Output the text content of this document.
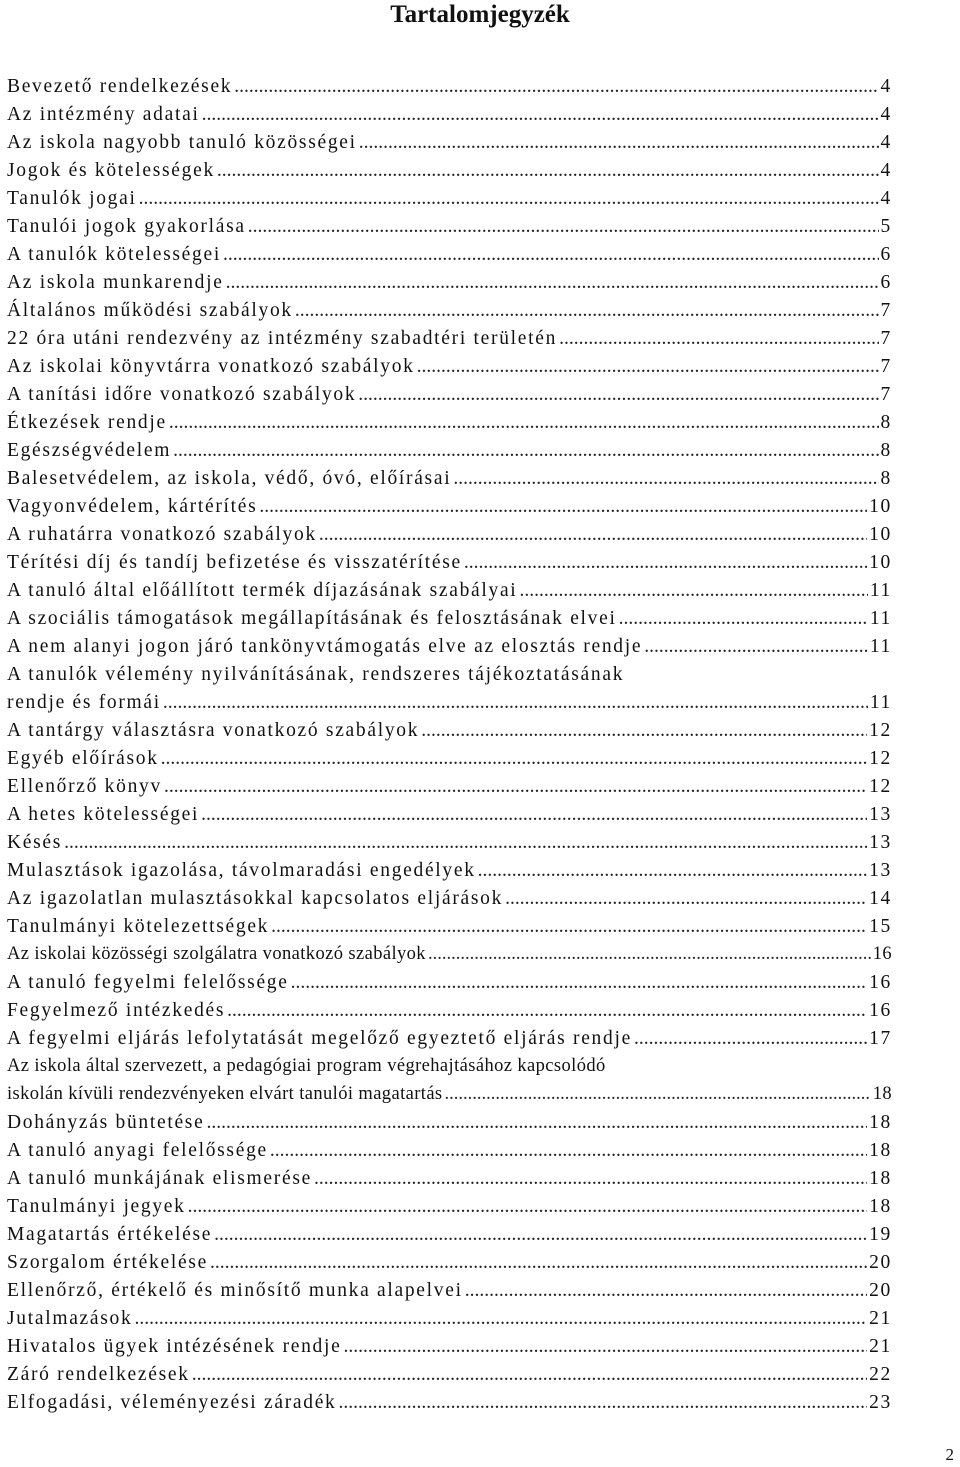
Tartalomjegyzék
Bevezető rendelkezések .....	4
Az intézmény adatai .....	4
Az iskola nagyobb tanuló közösségei .....	4
Jogok és kötelességek .....	4
Tanulók jogai .....	4
Tanulói jogok gyakorlása .....	5
A tanulók kötelességei .....	6
Az iskola munkarendje .....	6
Általános működési szabályok .....	7
22 óra utáni rendezvény az intézmény szabadtéri területén .....	7
Az iskolai könyvtárra vonatkozó szabályok .....	7
A tanítási időre vonatkozó szabályok .....	7
Étkezések rendje .....	8
Egészségvédelem .....	8
Balesetvédelem, az iskola, védő, óvó, előírásai .....	8
Vagyonvédelem, kártérítés .....	10
A ruhatárra vonatkozó szabályok .....	10
Térítési díj és tandíj befizetése és visszatérítése .....	10
A tanuló által előállított termék díjazásának szabályai .....	11
A szociális támogatások megállapításának és felosztásának elvei .....	11
A nem alanyi jogon járó tankönyvtámogatás elve az elosztás rendje .....	11
A tanulók vélemény nyilvánításának, rendszeres tájékoztatásának
rendje és formái .....	11
A tantárgy választásra vonatkozó szabályok .....	12
Egyéb előírások .....	12
Ellenőrző könyv .....	12
A hetes kötelességei .....	13
Késés .....	13
Mulasztások igazolása, távolmaradási engedélyek .....	13
Az igazolatlan mulasztásokkal kapcsolatos eljárások .....	14
Tanulmányi kötelezettségek .....	15
Az iskolai közösségi szolgálatra vonatkozó szabályok .....	16
A tanuló fegyelmi felelőssége .....	16
Fegyelmező intézkedés .....	16
A fegyelmi eljárás lefolytatását megelőző egyeztető eljárás rendje .....	17
Az iskola által szervezett, a pedagógiai program végrehajtásához kapcsolódó
iskolán kívüli rendezvényeken elvárt tanulói magatartás .....	18
Dohányzás büntetése .....	18
A tanuló anyagi felelőssége .....	18
A tanuló munkájának elismerése .....	18
Tanulmányi jegyek .....	18
Magatartás értékelése .....	19
Szorgalom értékelése .....	20
Ellenőrző, értékelő és minősítő munka alapelvei .....	20
Jutalmazások .....	21
Hivatalos ügyek intézésének rendje .....	21
Záró rendelkezések .....	22
Elfogadási, véleményezési záradék .....	23
2
